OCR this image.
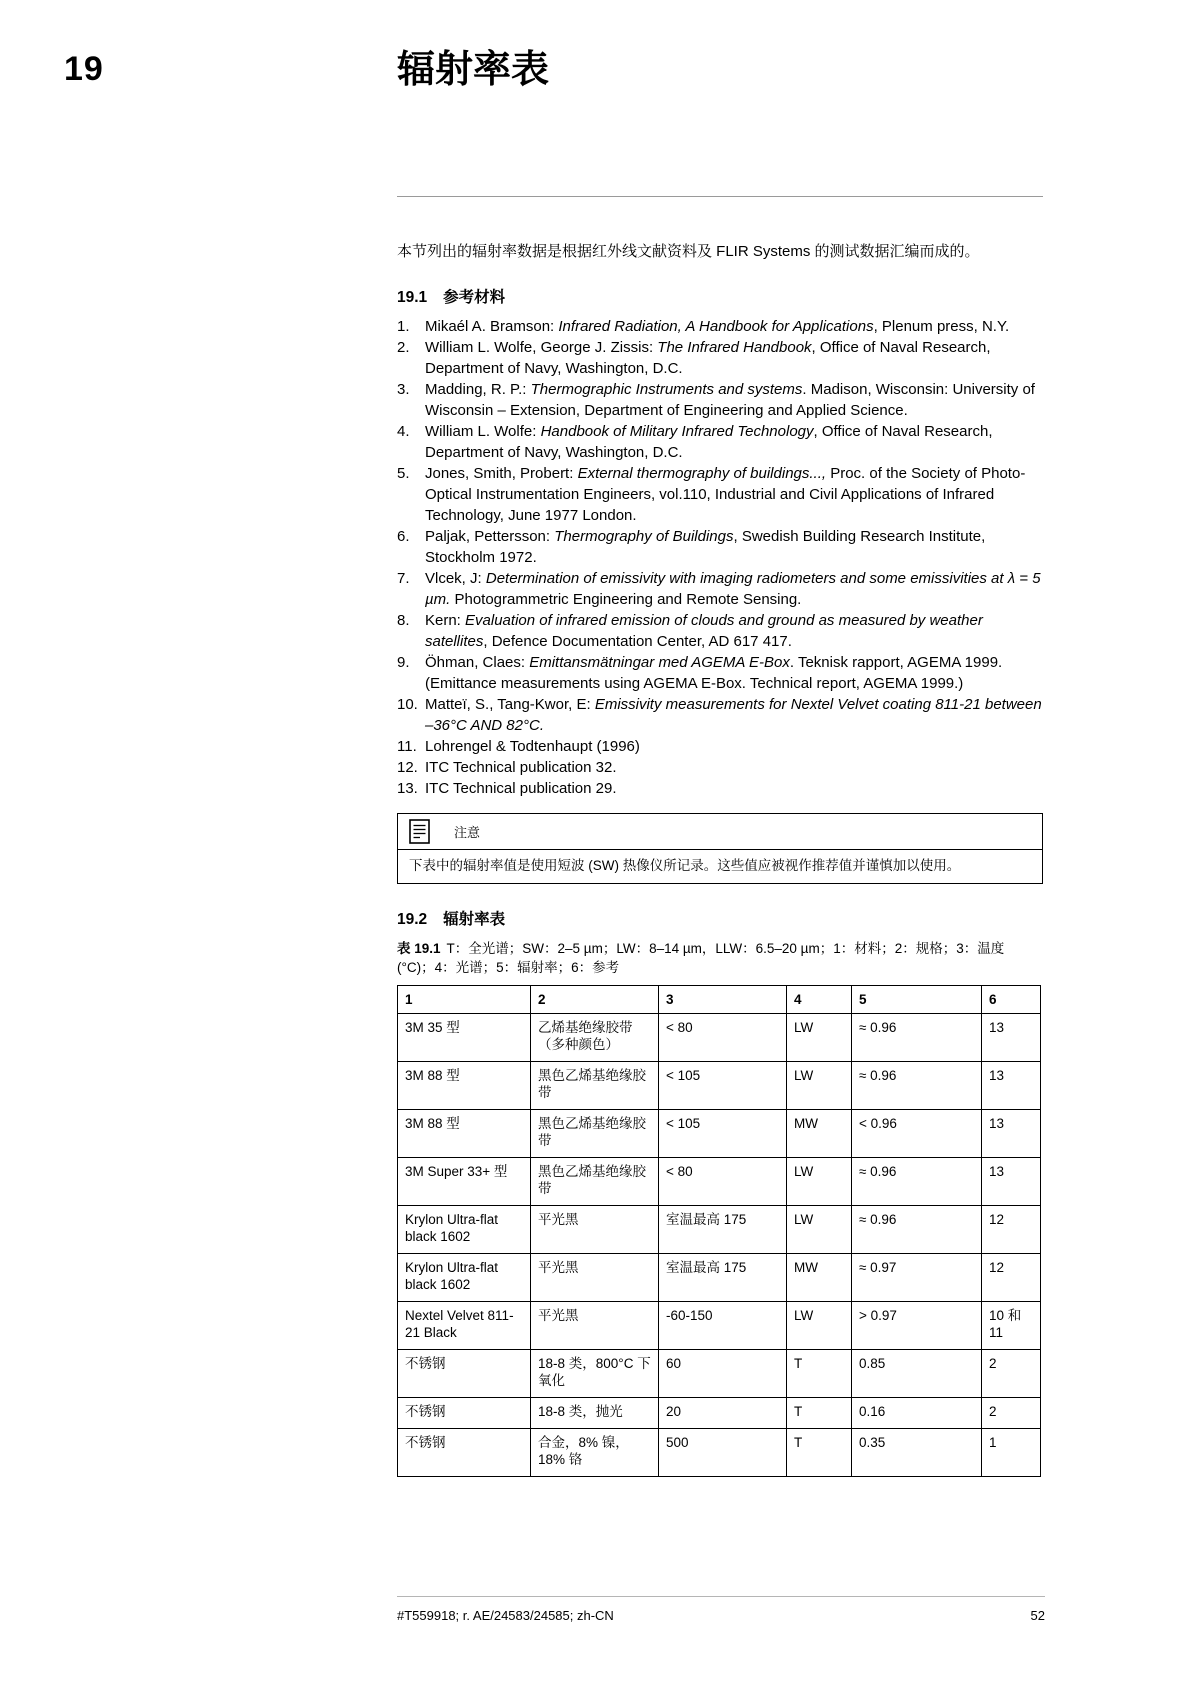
19	辐射率表

本节列出的辐射率数据是根据红外线文献资料及 FLIR Systems 的测试数据汇编而成的。

19.1 参考材料
1.	Mikaél A. Bramson: Infrared Radiation, A Handbook for Applications, Plenum press, N.Y.
2.	William L. Wolfe, George J. Zissis: The Infrared Handbook, Office of Naval Research, Department of Navy, Washington, D.C.
3.	Madding, R. P.: Thermographic Instruments and systems. Madison, Wisconsin: University of Wisconsin – Extension, Department of Engineering and Applied Science.
4.	William L. Wolfe: Handbook of Military Infrared Technology, Office of Naval Research, Department of Navy, Washington, D.C.
5.	Jones, Smith, Probert: External thermography of buildings..., Proc. of the Society of Photo-Optical Instrumentation Engineers, vol.110, Industrial and Civil Applications of Infrared Technology, June 1977 London.
6.	Paljak, Pettersson: Thermography of Buildings, Swedish Building Research Institute, Stockholm 1972.
7.	Vlcek, J: Determination of emissivity with imaging radiometers and some emissivities at λ = 5 µm. Photogrammetric Engineering and Remote Sensing.
8.	Kern: Evaluation of infrared emission of clouds and ground as measured by weather satellites, Defence Documentation Center, AD 617 417.
9.	Öhman, Claes: Emittansmätningar med AGEMA E-Box. Teknisk rapport, AGEMA 1999. (Emittance measurements using AGEMA E-Box. Technical report, AGEMA 1999.)
10. Matteï, S., Tang-Kwor, E: Emissivity measurements for Nextel Velvet coating 811-21 between –36°C AND 82°C.
11. Lohrengel & Todtenhaupt (1996)
12. ITC Technical publication 32.
13. ITC Technical publication 29.
注意
下表中的辐射率值是使用短波 (SW) 热像仪所记录。这些值应被视作推荐值并谨慎加以使用。
19.2 辐射率表

表 19.1 T：全光谱；SW：2–5 µm；LW：8–14 µm，LLW：6.5–20 µm；1：材料；2：规格；3：温度 (°C)；4：光谱；5：辐射率；6：参考

1	2	3	4	5	6
3M 35 型	乙烯基绝缘胶带（多种颜色）	< 80	LW	≈ 0.96	13
3M 88 型	黑色乙烯基绝缘胶带	< 105	LW	≈ 0.96	13
3M 88 型	黑色乙烯基绝缘胶带	< 105	MW	< 0.96	13
3M Super 33+ 型	黑色乙烯基绝缘胶带	< 80	LW	≈ 0.96	13
Krylon Ultra-flat black 1602	平光黑	室温最高 175	LW	≈ 0.96	12
Krylon Ultra-flat black 1602	平光黑	室温最高 175	MW	≈ 0.97	12
Nextel Velvet 811-21 Black	平光黑	-60-150	LW	> 0.97	10 和 11
不锈钢	18-8 类，800°C 下氧化	60	T	0.85	2
不锈钢	18-8 类，抛光	20	T	0.16	2
不锈钢	合金，8% 镍，18% 铬	500	T	0.35	1
#T559918; r. AE/24583/24585; zh-CN	52
